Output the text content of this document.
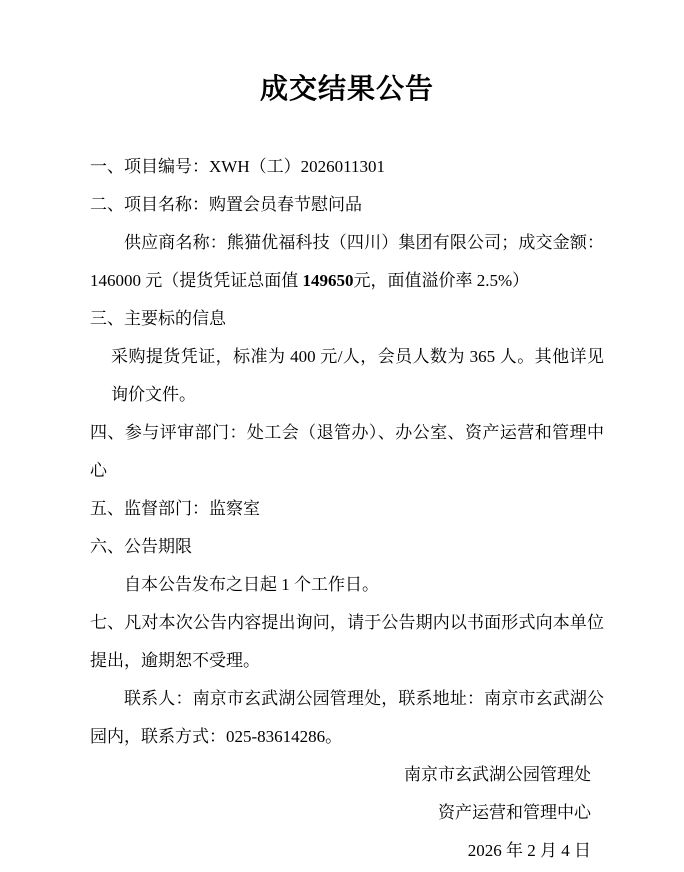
成交结果公告

一、项目编号：XWH（工）2026011301

二、项目名称：购置会员春节慰问品

供应商名称：熊猫优福科技（四川）集团有限公司；成交金额：146000 元（提货凭证总面值 149650元，面值溢价率 2.5%）

三、主要标的信息

采购提货凭证，标准为 400 元/人，会员人数为 365 人。其他详见询价文件。

四、参与评审部门：处工会（退管办）、办公室、资产运营和管理中心

五、监督部门：监察室

六、公告期限

自本公告发布之日起 1 个工作日。

七、凡对本次公告内容提出询问，请于公告期内以书面形式向本单位提出，逾期恕不受理。

联系人：南京市玄武湖公园管理处，联系地址：南京市玄武湖公园内，联系方式：025-83614286。

南京市玄武湖公园管理处

资产运营和管理中心

2026 年 2 月 4 日
